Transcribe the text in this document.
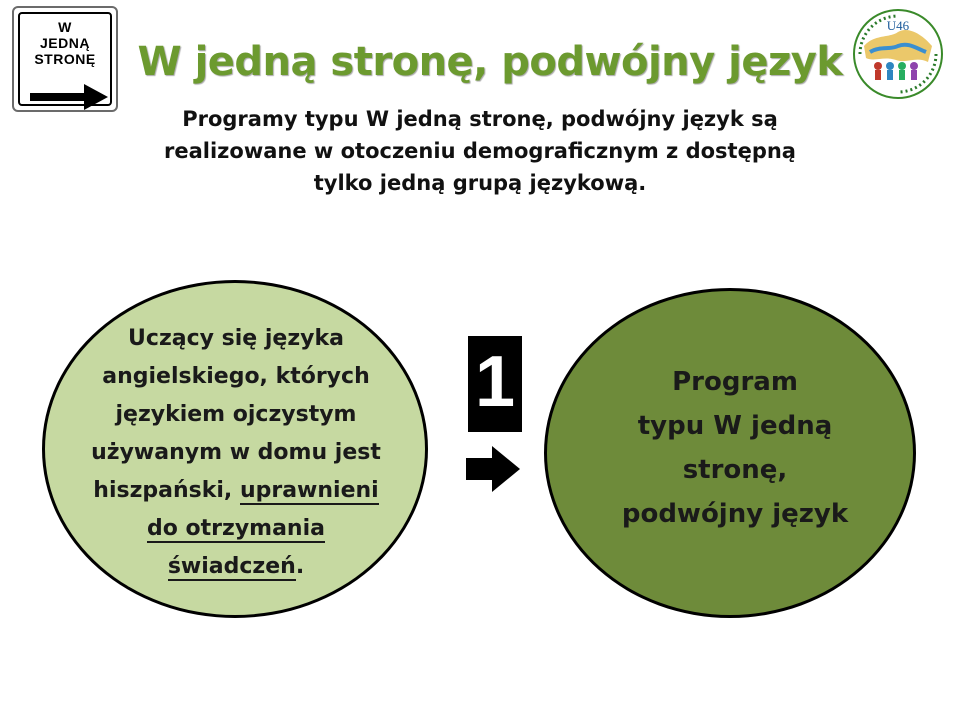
W
JEDNĄ
STRONĘ
U46
W jedną stronę, podwójny język
Programy typu W jedną stronę, podwójny język są
realizowane w otoczeniu demograficznym z dostępną
tylko jedną grupą językową.
Uczący się języka
angielskiego, których
językiem ojczystym
używanym w domu jest
hiszpański, uprawnieni
do otrzymania
świadczeń.
1	Program
typu W jedną
stronę,
podwójny język
